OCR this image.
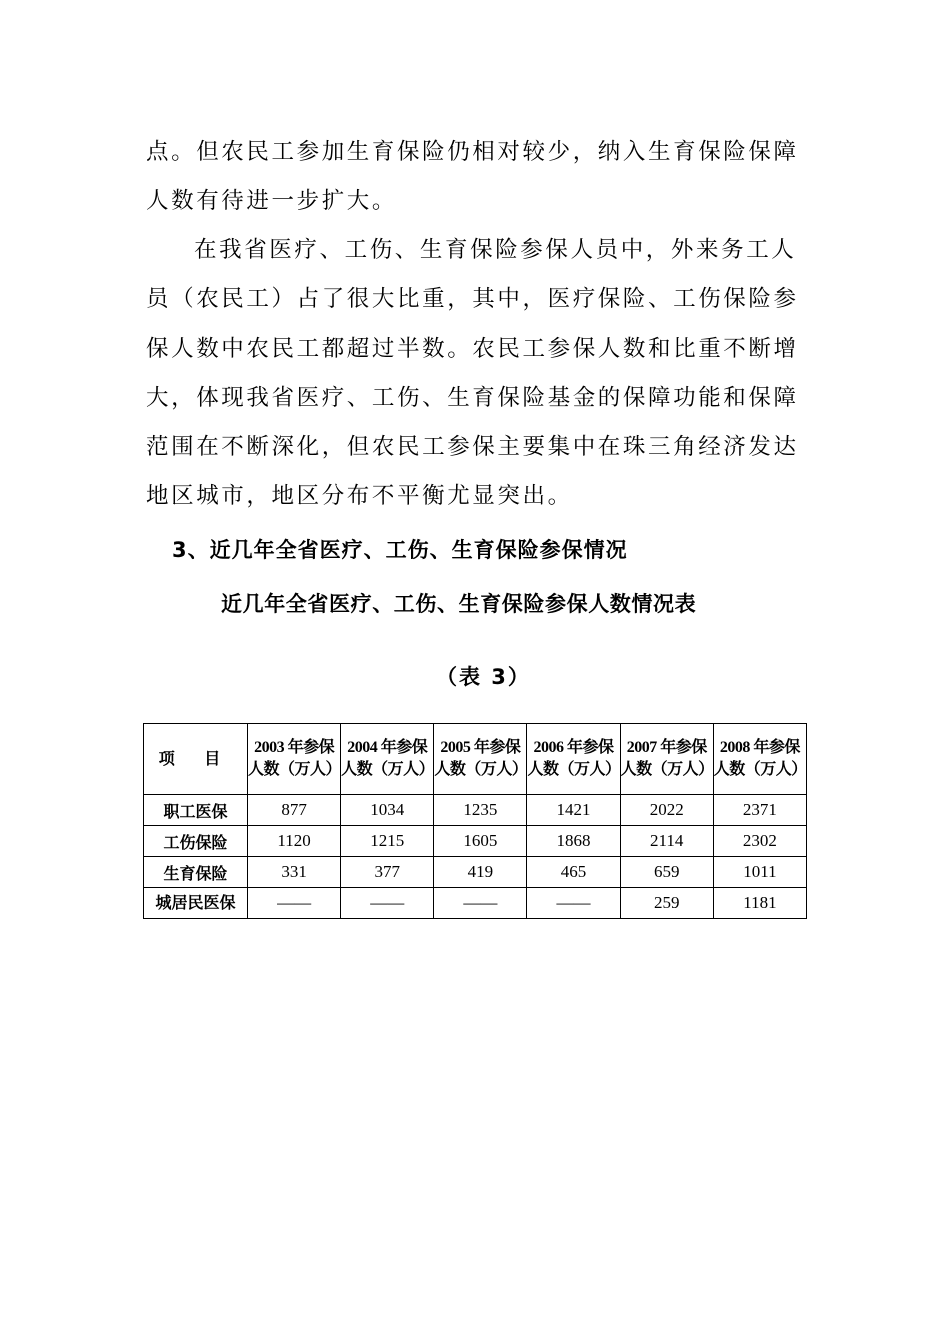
点。但农民工参加生育保险仍相对较少，纳入生育保险保障人数有待进一步扩大。

在我省医疗、工伤、生育保险参保人员中，外来务工人员（农民工）占了很大比重，其中，医疗保险、工伤保险参保人数中农民工都超过半数。农民工参保人数和比重不断增大，体现我省医疗、工伤、生育保险基金的保障功能和保障范围在不断深化，但农民工参保主要集中在珠三角经济发达地区城市，地区分布不平衡尤显突出。

3、近几年全省医疗、工伤、生育保险参保情况

近几年全省医疗、工伤、生育保险参保人数情况表

（表 3）

项 目	2003 年参保人数（万人）	2004 年参保人数（万人）	2005 年参保人数（万人）	2006 年参保人数（万人）	2007 年参保人数（万人）	2008 年参保人数（万人）
职工医保	877	1034	1235	1421	2022	2371
工伤保险	1120	1215	1605	1868	2114	2302
生育保险	331	377	419	465	659	1011

城居民医保	——	——	——	——	259	1181
